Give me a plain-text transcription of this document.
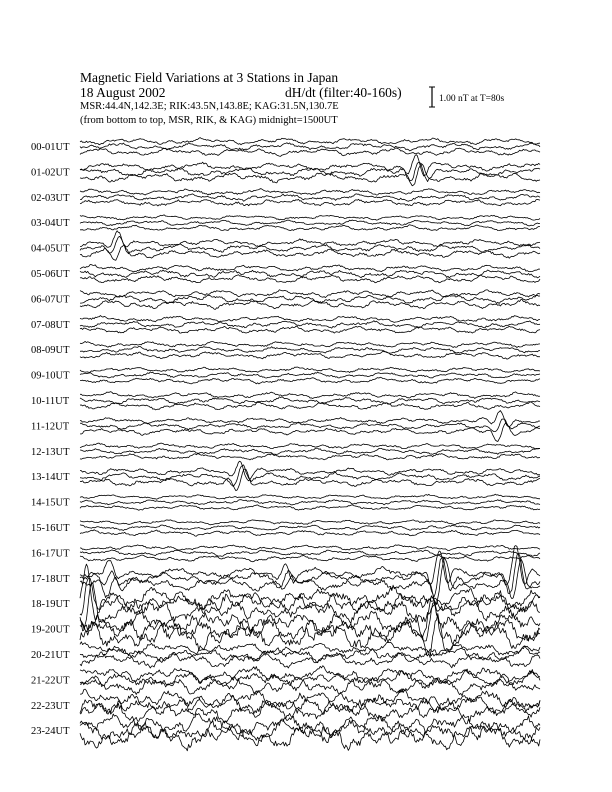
Magnetic Field Variations at 3 Stations in Japan
18 August 2002	dH/dt (filter:40-160s)
MSR:44.4N,142.3E; RIK:43.5N,143.8E; KAG:31.5N,130.7E
(from bottom to top, MSR, RIK, & KAG) midnight=1500UT
1.00 nT at T=80s
00-01UT
01-02UT
02-03UT
03-04UT
04-05UT
05-06UT
06-07UT
07-08UT
08-09UT
09-10UT
10-11UT
11-12UT
12-13UT
13-14UT
14-15UT
15-16UT
16-17UT
17-18UT
18-19UT
19-20UT
20-21UT
21-22UT
22-23UT
23-24UT
